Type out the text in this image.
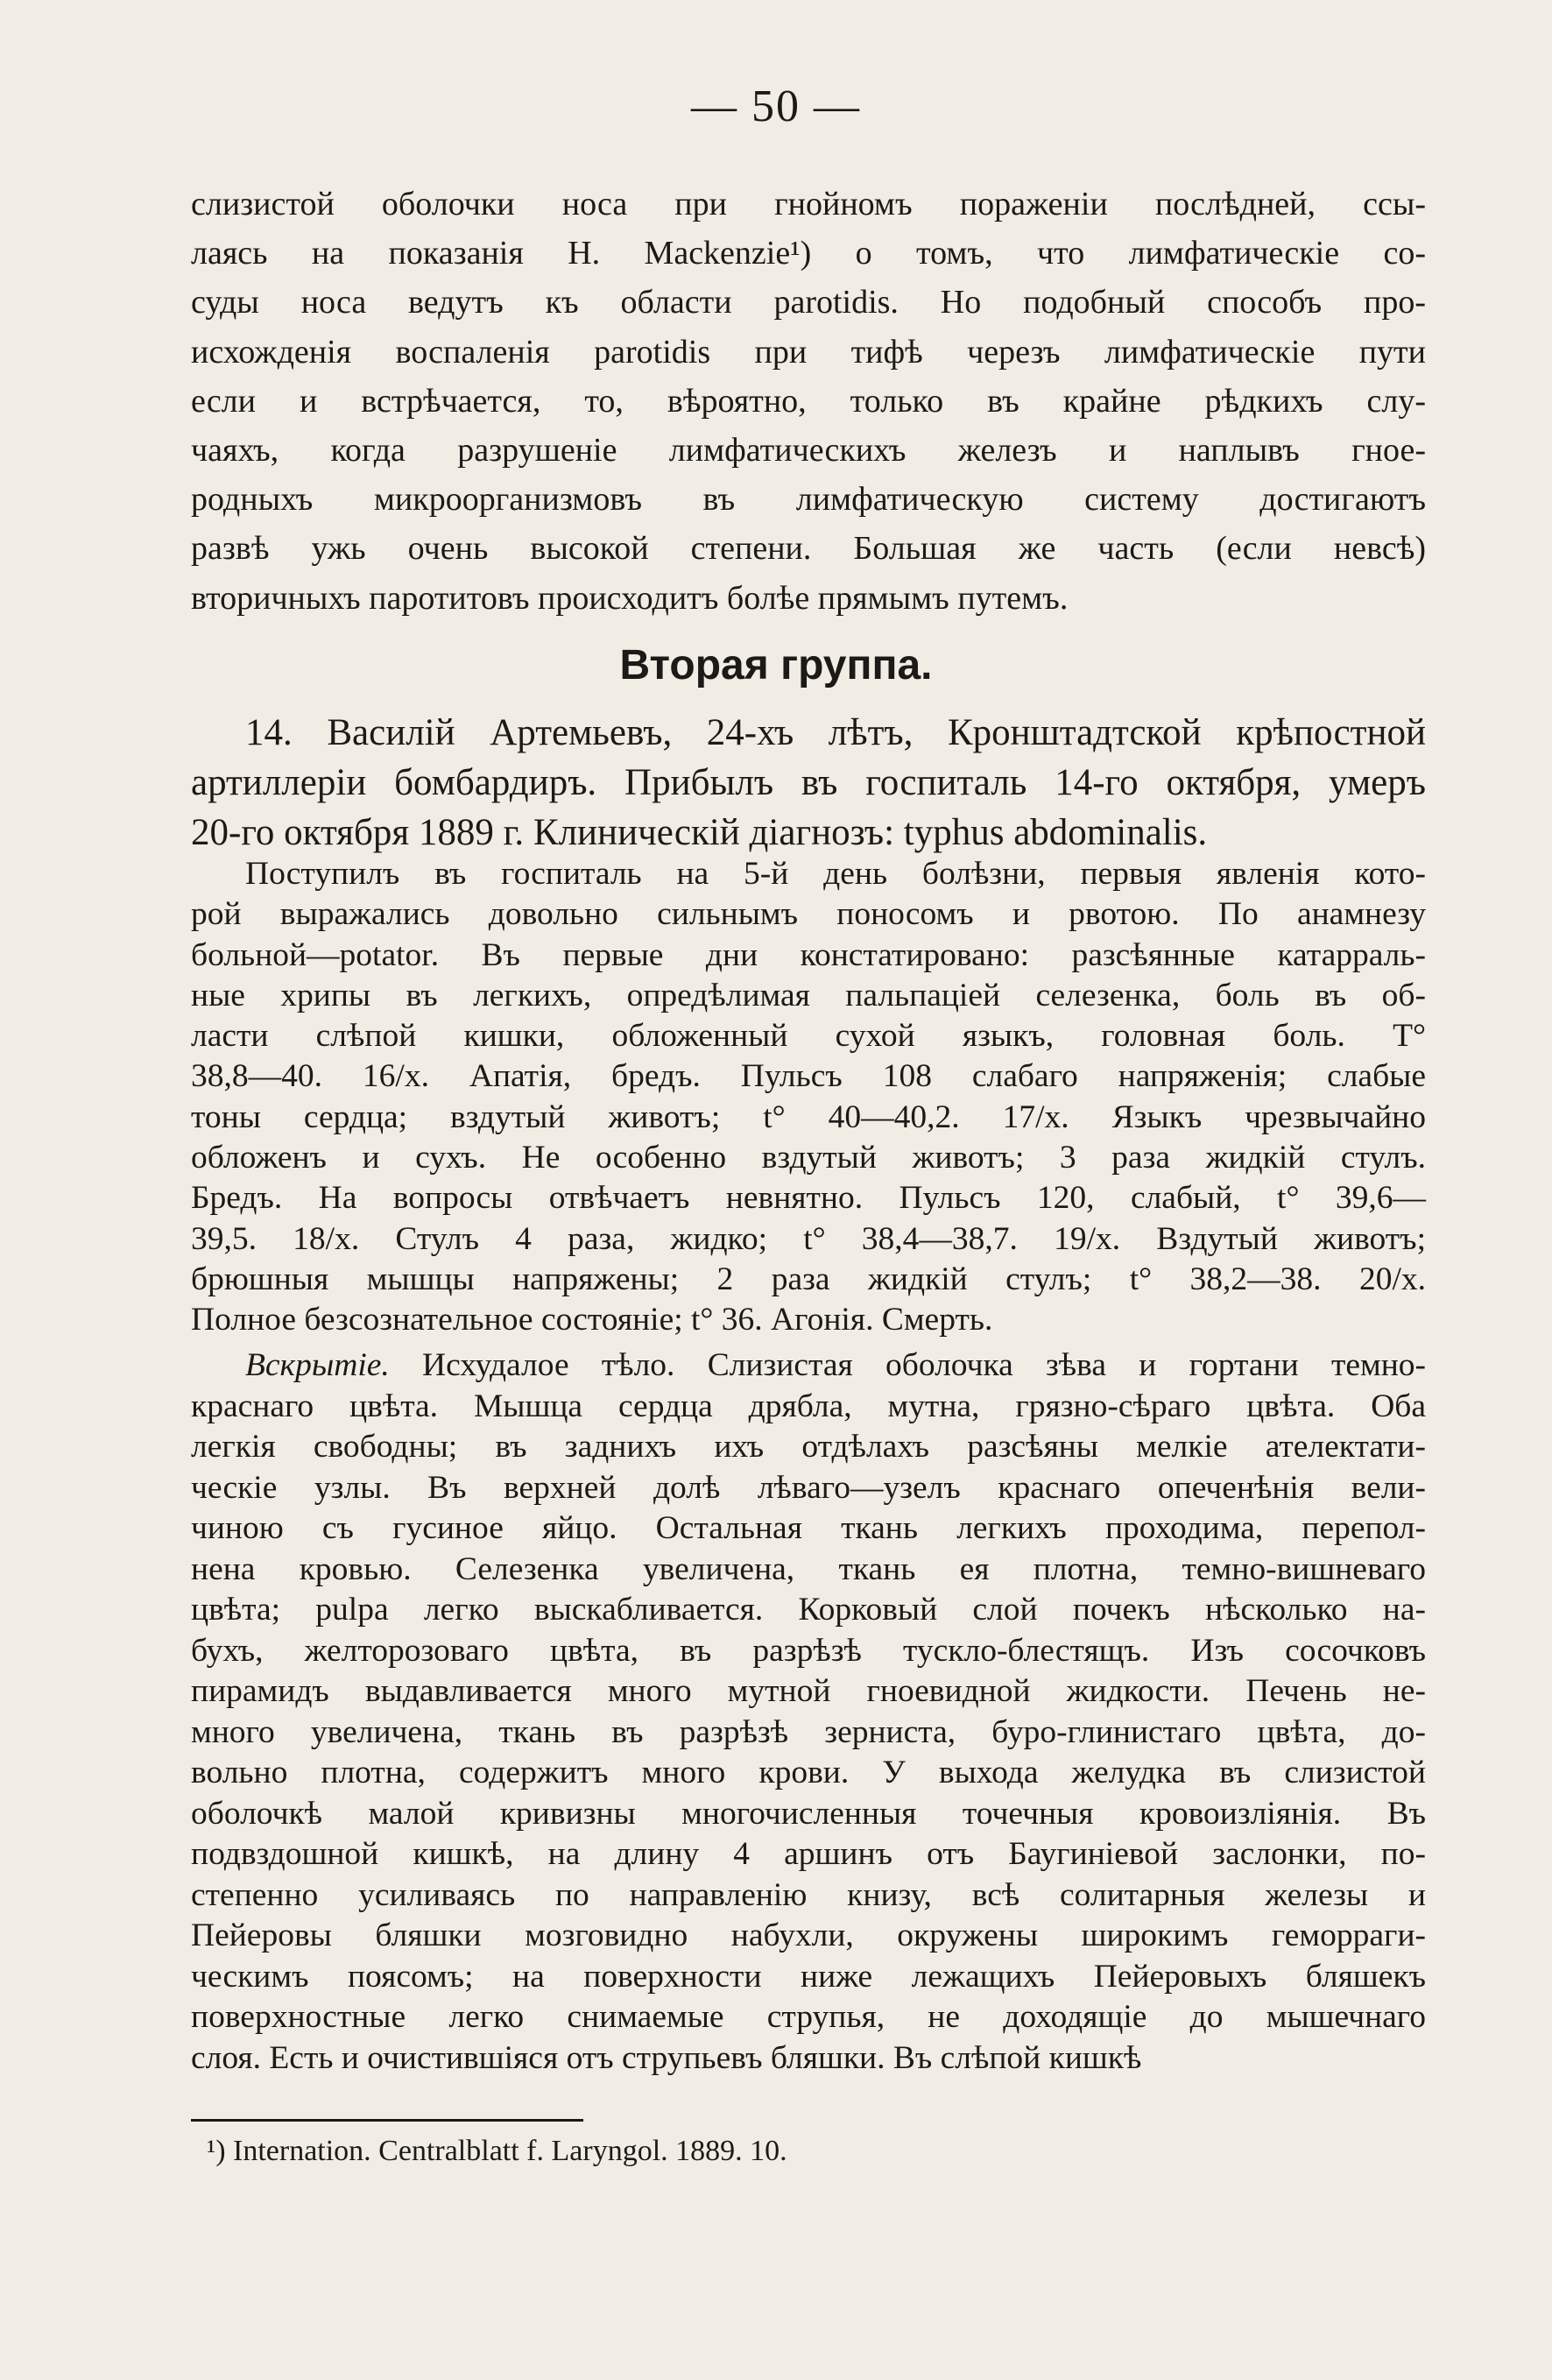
— 50 —
слизистой оболочки носа при гнойномъ пораженіи послѣдней, ссы-
лаясь на показанія H. Mackenzie¹) о томъ, что лимфатическіе со-
суды носа ведутъ къ области parotidis. Но подобный способъ про-
исхожденія воспаленія parotidis при тифѣ черезъ лимфатическіе пути
если и встрѣчается, то, вѣроятно, только въ крайне рѣдкихъ слу-
чаяхъ, когда разрушеніе лимфатическихъ железъ и наплывъ гное-
родныхъ микроорганизмовъ въ лимфатическую систему достигаютъ
развѣ ужь очень высокой степени. Большая же часть (если невсѣ)
вторичныхъ паротитовъ происходитъ болѣе прямымъ путемъ.
Вторая группа.
14. Василій Артемьевъ, 24-хъ лѣтъ, Кронштадтской крѣпостной
артиллеріи бомбардиръ. Прибылъ въ госпиталь 14-го октября, умеръ
20-го октября 1889 г. Клиническій діагнозъ: typhus abdominalis.
Поступилъ въ госпиталь на 5-й день болѣзни, первыя явленія кото-
рой выражались довольно сильнымъ поносомъ и рвотою. По анамнезу
больной—potator. Въ первые дни констатировано: разсѣянные катарраль-
ные хрипы въ легкихъ, опредѣлимая пальпаціей селезенка, боль въ об-
ласти слѣпой кишки, обложенный сухой языкъ, головная боль. T°
38,8—40. 16/x. Апатія, бредъ. Пульсъ 108 слабаго напряженія; слабые
тоны сердца; вздутый животъ; t° 40—40,2. 17/x. Языкъ чрезвычайно
обложенъ и сухъ. Не особенно вздутый животъ; 3 раза жидкій стулъ.
Бредъ. На вопросы отвѣчаетъ невнятно. Пульсъ 120, слабый, t° 39,6—
39,5. 18/x. Стулъ 4 раза, жидко; t° 38,4—38,7. 19/x. Вздутый животъ;
брюшныя мышцы напряжены; 2 раза жидкій стулъ; t° 38,2—38. 20/x.
Полное безсознательное состояніе; t° 36. Агонія. Смерть.
Вскрытіе. Исхудалое тѣло. Слизистая оболочка зѣва и гортани темно-
краснаго цвѣта. Мышца сердца дрябла, мутна, грязно-сѣраго цвѣта. Оба
легкія свободны; въ заднихъ ихъ отдѣлахъ разсѣяны мелкіе ателектати-
ческіе узлы. Въ верхней долѣ лѣваго—узелъ краснаго опеченѣнія вели-
чиною съ гусиное яйцо. Остальная ткань легкихъ проходима, перепол-
нена кровью. Селезенка увеличена, ткань ея плотна, темно-вишневаго
цвѣта; pulpa легко выскабливается. Корковый слой почекъ нѣсколько на-
бухъ, желторозоваго цвѣта, въ разрѣзѣ тускло-блестящъ. Изъ сосочковъ
пирамидъ выдавливается много мутной гноевидной жидкости. Печень не-
много увеличена, ткань въ разрѣзѣ зерниста, буро-глинистаго цвѣта, до-
вольно плотна, содержитъ много крови. У выхода желудка въ слизистой
оболочкѣ малой кривизны многочисленныя точечныя кровоизліянія. Въ
подвздошной кишкѣ, на длину 4 аршинъ отъ Баугиніевой заслонки, по-
степенно усиливаясь по направленію книзу, всѣ солитарныя железы и
Пейеровы бляшки мозговидно набухли, окружены широкимъ геморраги-
ческимъ поясомъ; на поверхности ниже лежащихъ Пейеровыхъ бляшекъ
поверхностные легко снимаемые струпья, не доходящіе до мышечнаго
слоя. Есть и очистившіяся отъ струпьевъ бляшки. Въ слѣпой кишкѣ
¹) Internation. Centralblatt f. Laryngol. 1889. 10.
